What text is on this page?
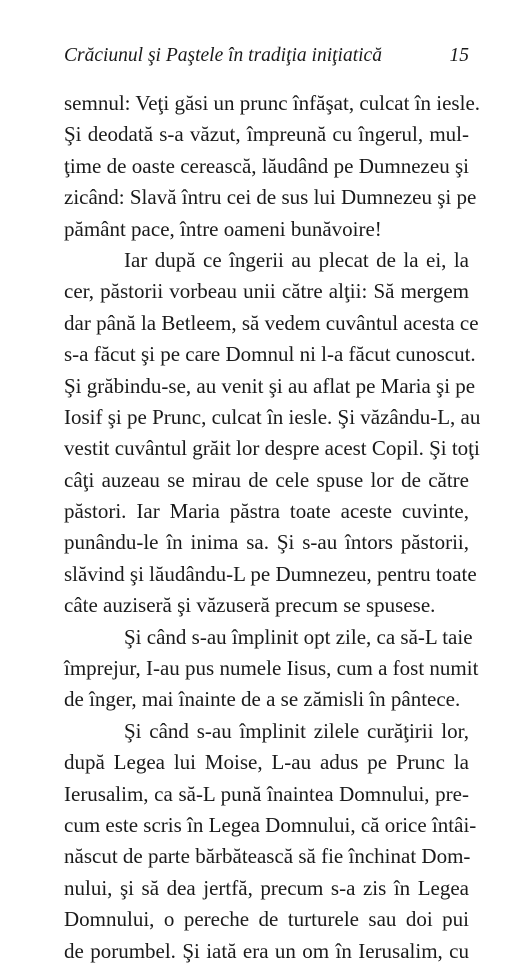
Crăciunul şi Paştele în tradiţia iniţiatică	15
semnul: Veţi găsi un prunc înfăşat, culcat în iesle.
Şi deodată s-a văzut, împreună cu îngerul, mul-
ţime de oaste cerească, lăudând pe Dumnezeu şi
zicând: Slavă întru cei de sus lui Dumnezeu şi pe
pământ pace, între oameni bunăvoire!
Iar după ce îngerii au plecat de la ei, la
cer, păstorii vorbeau unii către alţii: Să mergem
dar până la Betleem, să vedem cuvântul acesta ce
s-a făcut şi pe care Domnul ni l-a făcut cunoscut.
Şi grăbindu-se, au venit şi au aflat pe Maria şi pe
Iosif şi pe Prunc, culcat în iesle. Şi văzându-L, au
vestit cuvântul grăit lor despre acest Copil. Şi toţi
câţi auzeau se mirau de cele spuse lor de către
păstori. Iar Maria păstra toate aceste cuvinte,
punându-le în inima sa. Şi s-au întors păstorii,
slăvind şi lăudându-L pe Dumnezeu, pentru toate
câte auziseră şi văzuseră precum se spusese.
Şi când s-au împlinit opt zile, ca să-L taie
împrejur, I-au pus numele Iisus, cum a fost numit
de înger, mai înainte de a se zămisli în pântece.
Şi când s-au împlinit zilele curăţirii lor,
după Legea lui Moise, L-au adus pe Prunc la
Ierusalim, ca să-L pună înaintea Domnului, pre-
cum este scris în Legea Domnului, că orice întâi-
născut de parte bărbătească să fie închinat Dom-
nului, şi să dea jertfă, precum s-a zis în Legea
Domnului, o pereche de turturele sau doi pui
de porumbel. Şi iată era un om în Ierusalim, cu
